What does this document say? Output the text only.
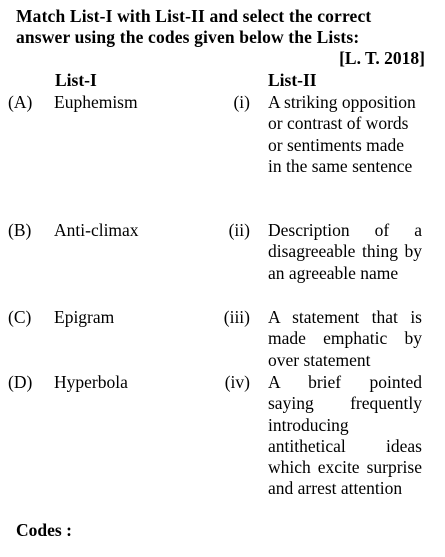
Match List-I with List-II and select the correct answer using the codes given below the Lists:
[L. T. 2018]
List-I	List-II
(A) Euphemism	(i) A striking opposition or contrast of words or sentiments made in the same sentence
(B) Anti-climax	(ii) Description of a disagreeable thing by an agreeable name
(C) Epigram	(iii) A statement that is made emphatic by over statement
(D) Hyperbola	(iv) A brief pointed saying frequently introducing antithetical ideas which excite surprise and arrest attention
Codes :
